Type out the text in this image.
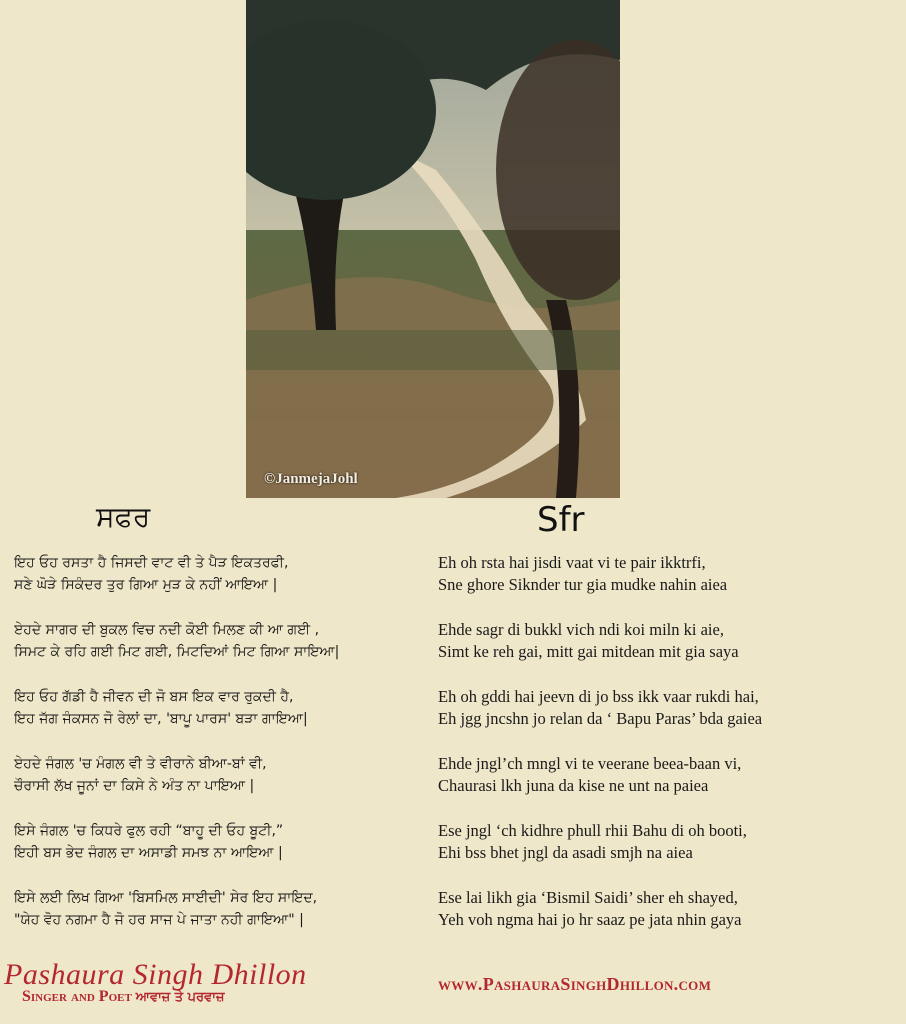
©JanmejaJohl
ਸਫਰ	Sfr
ਇਹ ਓਹ ਰਸਤਾ ਹੈ ਜਿਸਦੀ ਵਾਟ ਵੀ ਤੇ ਪੈੜ ਇਕਤਰਫੀ,
ਸਣੇ ਘੋੜੇ ਸਿਕੰਦਰ ਤੁਰ ਗਿਆ ਮੁੜ ਕੇ ਨਹੀਂ ਆਇਆ |
ਏਹਦੇ ਸਾਗਰ ਦੀ ਬੁਕਲ ਵਿਚ ਨਦੀ ਕੋਈ ਮਿਲਣ ਕੀ ਆ ਗਈ ,
ਸਿਮਟ ਕੇ ਰਹਿ ਗਈ ਮਿਟ ਗਈ, ਮਿਟਦਿਆਂ ਮਿਟ ਗਿਆ ਸਾਇਆ|
ਇਹ ਓਹ ਗੱਡੀ ਹੈ ਜੀਵਨ ਦੀ ਜੋ ਬਸ ਇਕ ਵਾਰ ਰੁਕਦੀ ਹੈ,
ਇਹ ਜੱਗ ਜੰਕਸਨ ਜੋ ਰੇਲਾਂ ਦਾ, 'ਬਾਪੂ ਪਾਰਸ' ਬੜਾ ਗਾਇਆ|
ਏਹਦੇ ਜੰਗਲ 'ਚ ਮੰਗਲ ਵੀ ਤੇ ਵੀਰਾਨੇ ਬੀਆ-ਬਾਂ ਵੀ,
ਚੌਰਾਸੀ ਲੱਖ ਜੂਨਾਂ ਦਾ ਕਿਸੇ ਨੇ ਅੰਤ ਨਾ ਪਾਇਆ |
ਇਸੇ ਜੰਗਲ 'ਚ ਕਿਧਰੇ ਫੁਲ ਰਹੀ “ਬਾਹੂ ਦੀ ਓਹ ਬੂਟੀ,”
ਇਹੀ ਬਸ ਭੇਦ ਜੰਗਲ ਦਾ ਅਸਾਡੀ ਸਮਝ ਨਾ ਆਇਆ |
ਇਸੇ ਲਈ ਲਿਖ ਗਿਆ 'ਬਿਸਮਿਲ ਸਾਈਦੀ' ਸੇਰ ਇਹ ਸਾਇਦ,
"ਯੇਹ ਵੋਹ ਨਗਮਾ ਹੈ ਜੋ ਹਰ ਸਾਜ ਪੇ ਜਾਤਾ ਨਹੀ ਗਾਇਆ" |
Eh oh rsta hai jisdi vaat vi te pair ikktrfi,
Sne ghore Siknder tur gia mudke nahin aiea
Ehde sagr di bukkl vich ndi koi miln ki aie,
Simt ke reh gai, mitt gai mitdean mit gia saya
Eh oh gddi hai jeevn di jo bss ikk vaar rukdi hai,
Eh jgg jncshn jo relan da ‘ Bapu Paras’ bda gaiea
Ehde jngl’ch mngl vi te veerane beea-baan vi,
Chaurasi lkh juna da kise ne unt na paiea
Ese jngl ‘ch kidhre phull rhii Bahu di oh booti,
Ehi bss bhet jngl da asadi smjh na aiea
Ese lai likh gia ‘Bismil Saidi’ sher eh shayed,
Yeh voh ngma hai jo hr saaz pe jata nhin gaya
Pashaura Singh Dhillon
Singer and Poet ਆਵਾਜ਼ ਤੇ ਪਰਵਾਜ਼
www.PashauraSinghDhillon.com
